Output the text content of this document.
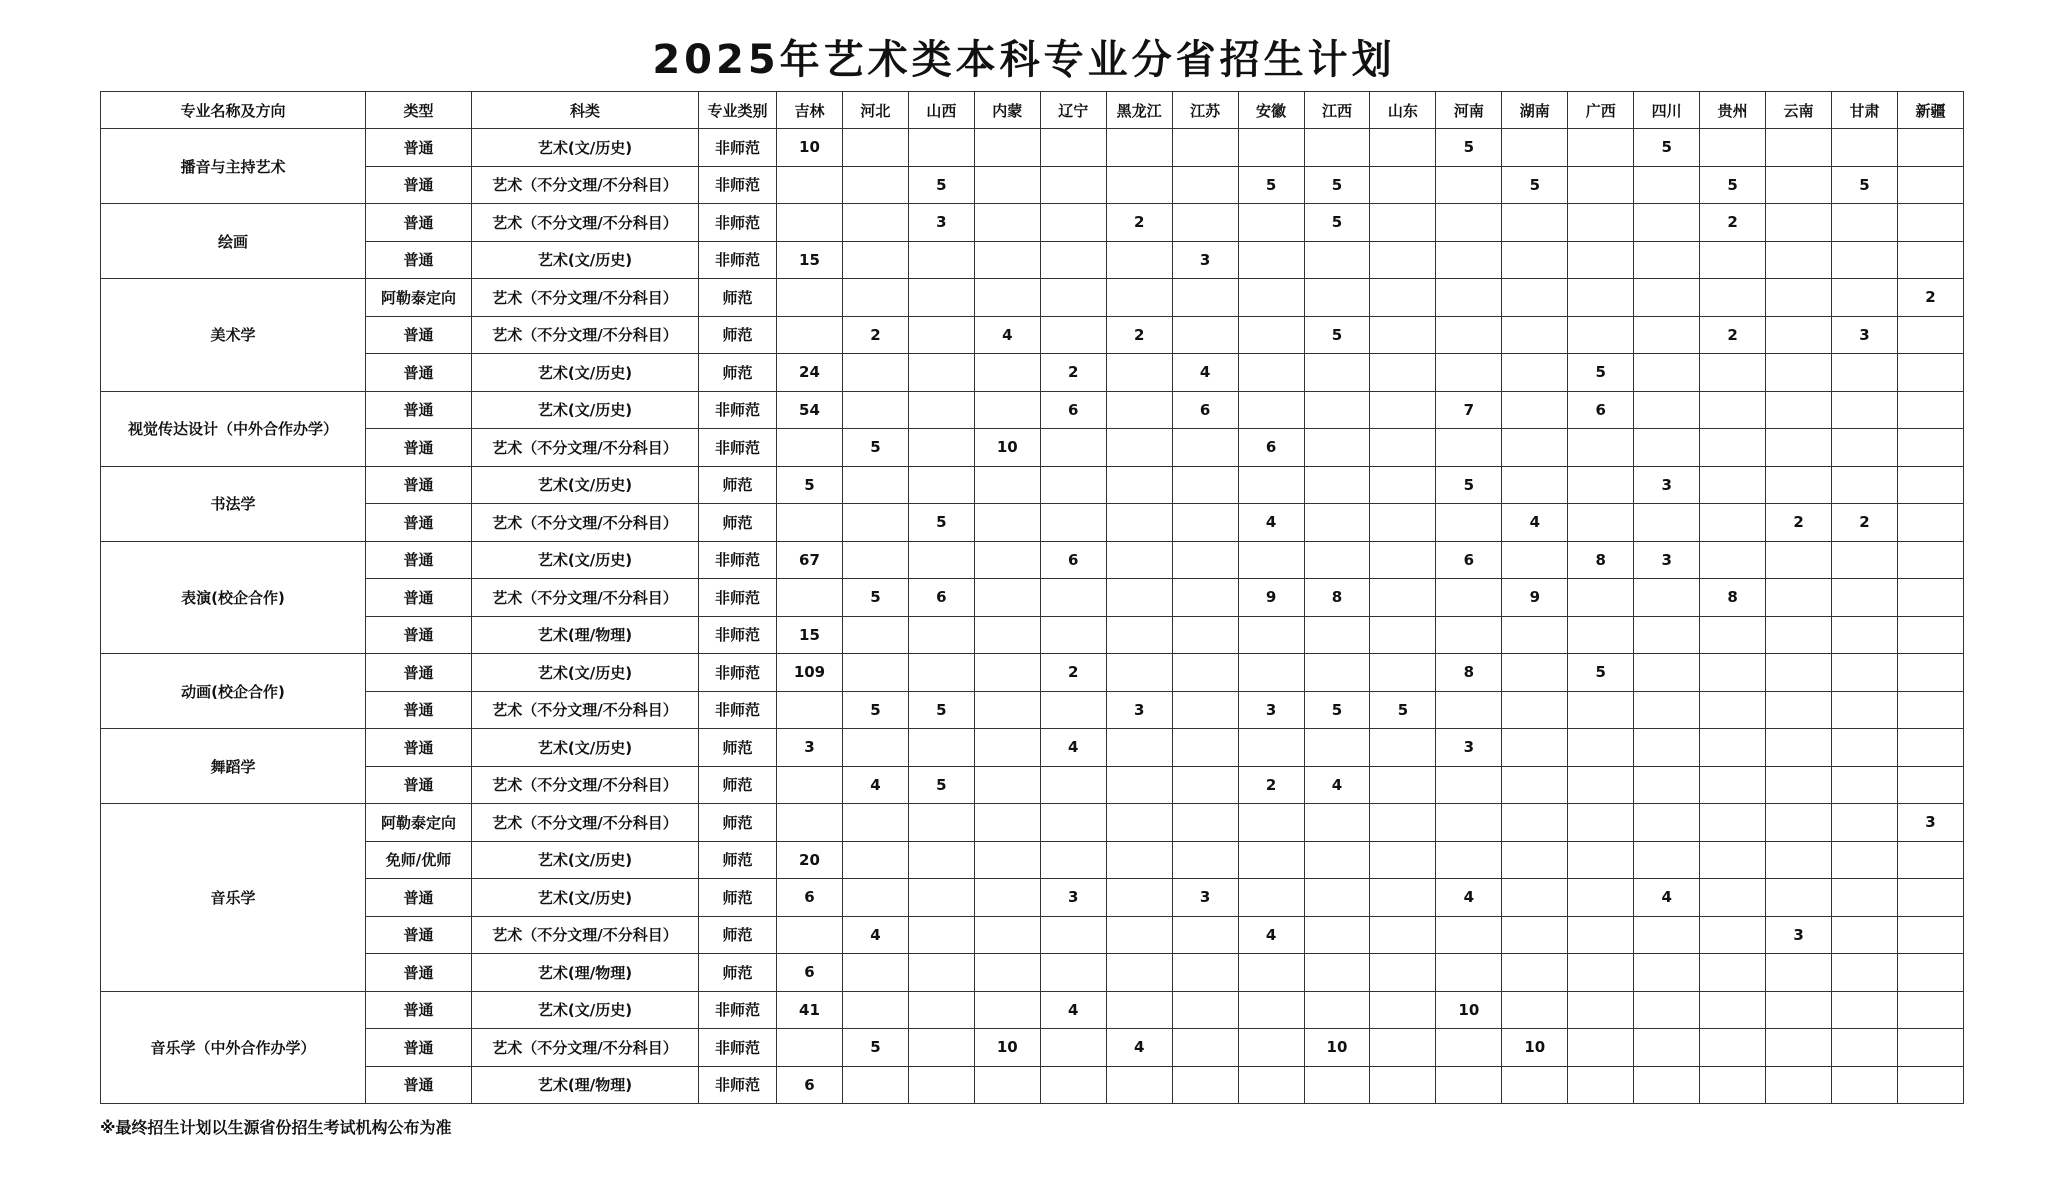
2025年艺术类本科专业分省招生计划
专业名称及方向	类型	科类	专业类别	吉林	河北	山西	内蒙	辽宁	黑龙江	江苏	安徽	江西	山东	河南	湖南	广西	四川	贵州	云南	甘肃	新疆
播音与主持艺术	普通	艺术(文/历史)	非师范	10										5			5				
	普通	艺术（不分文理/不分科目）	非师范			5					5	5			5			5		5	
绘画	普通	艺术（不分文理/不分科目）	非师范			3			2			5						2			
	普通	艺术(文/历史)	非师范	15						3											
美术学	阿勒泰定向	艺术（不分文理/不分科目）	师范																		2
	普通	艺术（不分文理/不分科目）	师范		2		4		2			5						2		3	
	普通	艺术(文/历史)	师范	24				2		4						5					
视觉传达设计（中外合作办学）	普通	艺术(文/历史)	非师范	54				6		6				7		6					
	普通	艺术（不分文理/不分科目）	非师范		5		10				6										
书法学	普通	艺术(文/历史)	师范	5										5			3				
	普通	艺术（不分文理/不分科目）	师范			5					4				4				2	2	
表演(校企合作)	普通	艺术(文/历史)	非师范	67				6						6		8	3				
	普通	艺术（不分文理/不分科目）	非师范		5	6					9	8			9			8			
	普通	艺术(理/物理)	非师范	15																	
动画(校企合作)	普通	艺术(文/历史)	非师范	109				2						8		5					
	普通	艺术（不分文理/不分科目）	非师范		5	5			3		3	5	5								
舞蹈学	普通	艺术(文/历史)	师范	3				4						3							
	普通	艺术（不分文理/不分科目）	师范		4	5					2	4									
音乐学	阿勒泰定向	艺术（不分文理/不分科目）	师范																		3
	免师/优师	艺术(文/历史)	师范	20																	
	普通	艺术(文/历史)	师范	6				3		3				4			4				
	普通	艺术（不分文理/不分科目）	师范		4						4								3		
	普通	艺术(理/物理)	师范	6																	
音乐学（中外合作办学）	普通	艺术(文/历史)	非师范	41				4						10							
	普通	艺术（不分文理/不分科目）	非师范		5		10		4			10			10						
	普通	艺术(理/物理)	非师范	6																	
※最终招生计划以生源省份招生考试机构公布为准
